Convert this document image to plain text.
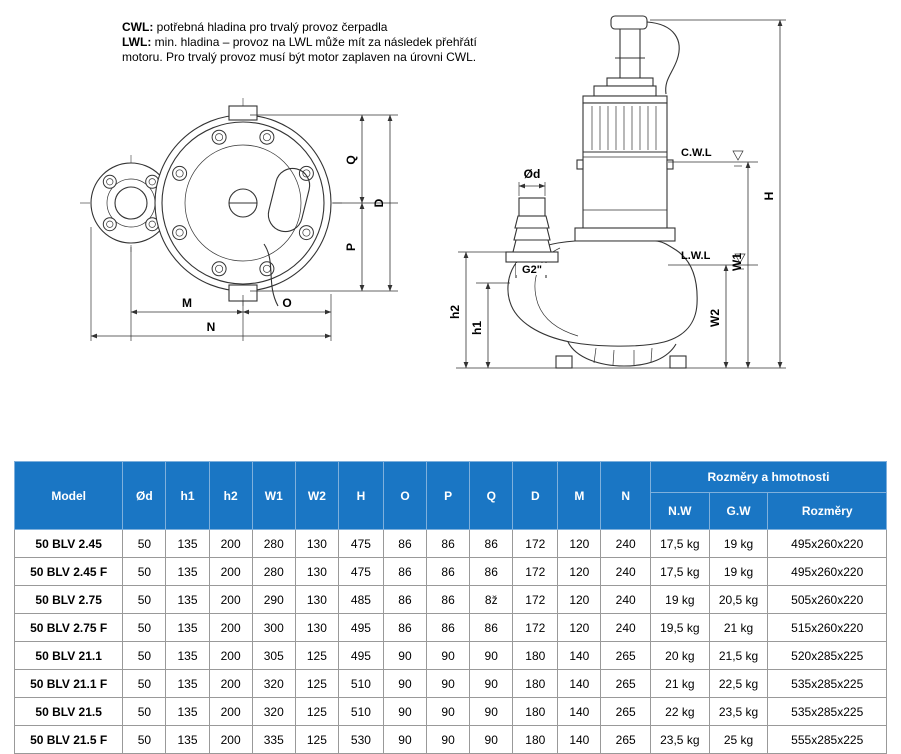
CWL: potřebná hladina pro trvalý provoz čerpadla

LWL: min. hladina – provoz na LWL může mít za následek přehřátí motoru. Pro trvalý provoz musí být motor zaplaven na úrovni CWL.

Q
P
D
M	O
N
G2"
Ød
C.W.L
L.W.L
W2
W1
H
h2
h1
Model	Ød	h1	h2	W1	W2	H	O	P	Q	D	M	N	Rozměry a hmotnosti		
													N.W	G.W	Rozměry
50 BLV 2.45	50	135	200	280	130	475	86	86	86	172	120	240	17,5 kg	19 kg	495x260x220
50 BLV 2.45 F	50	135	200	280	130	475	86	86	86	172	120	240	17,5 kg	19 kg	495x260x220
50 BLV 2.75	50	135	200	290	130	485	86	86	8ž	172	120	240	19 kg	20,5 kg	505x260x220
50 BLV 2.75 F	50	135	200	300	130	495	86	86	86	172	120	240	19,5 kg	21 kg	515x260x220
50 BLV 21.1	50	135	200	305	125	495	90	90	90	180	140	265	20 kg	21,5 kg	520x285x225
50 BLV 21.1 F	50	135	200	320	125	510	90	90	90	180	140	265	21 kg	22,5 kg	535x285x225
50 BLV 21.5	50	135	200	320	125	510	90	90	90	180	140	265	22 kg	23,5 kg	535x285x225
50 BLV 21.5 F	50	135	200	335	125	530	90	90	90	180	140	265	23,5 kg	25 kg	555x285x225
